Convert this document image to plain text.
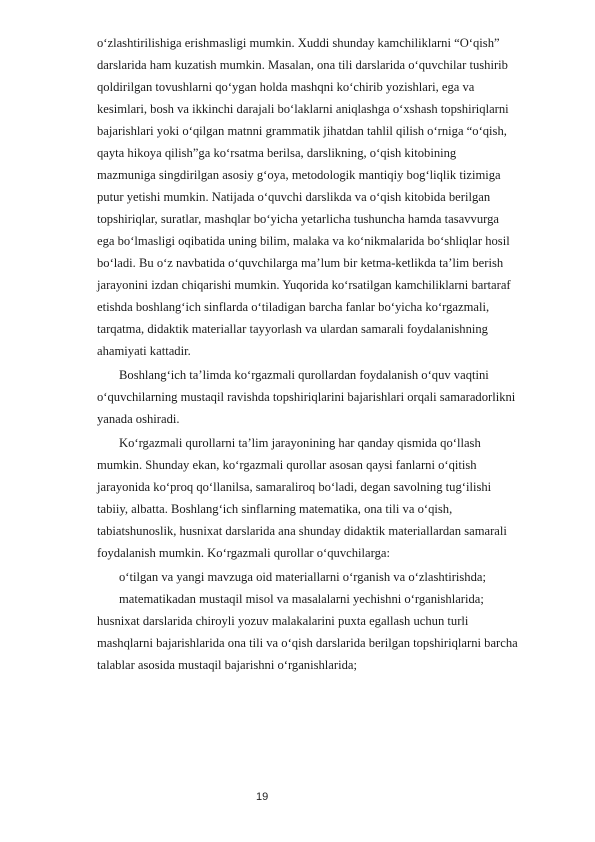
o‘zlashtirilishiga erishmasligi mumkin. Xuddi shunday kamchiliklarni “O‘qish”
darslarida ham kuzatish mumkin. Masalan, ona tili darslarida o‘quvchilar tushirib
qoldirilgan tovushlarni qo‘ygan holda mashqni ko‘chirib yozishlari, ega va
kesimlari, bosh va ikkinchi darajali bo‘laklarni aniqlashga o‘xshash topshiriqlarni
bajarishlari yoki o‘qilgan matnni grammatik jihatdan tahlil qilish o‘rniga “o‘qish,
qayta hikoya qilish”ga ko‘rsatma berilsa, darslikning, o‘qish kitobining
mazmuniga singdirilgan asosiy g‘oya, metodologik mantiqiy bog‘liqlik tizimiga
putur yetishi mumkin. Natijada o‘quvchi darslikda va o‘qish kitobida berilgan
topshiriqlar, suratlar, mashqlar bo‘yicha yetarlicha tushuncha hamda tasavvurga
ega bo‘lmasligi oqibatida uning bilim, malaka va ko‘nikmalarida bo‘shliqlar hosil
bo‘ladi. Bu o‘z navbatida o‘quvchilarga ma’lum bir ketma-ketlikda ta’lim berish
jarayonini izdan chiqarishi mumkin. Yuqorida ko‘rsatilgan kamchiliklarni bartaraf
etishda boshlang‘ich sinflarda o‘tiladigan barcha fanlar bo‘yicha ko‘rgazmali,
tarqatma, didaktik materiallar tayyorlash va ulardan samarali foydalanishning
ahamiyati kattadir.
Boshlang‘ich ta’limda ko‘rgazmali qurollardan foydalanish o‘quv vaqtini
o‘quvchilarning mustaqil ravishda topshiriqlarini bajarishlari orqali samaradorlikni
yanada oshiradi.
Ko‘rgazmali qurollarni ta’lim jarayonining har qanday qismida qo‘llash
mumkin. Shunday ekan, ko‘rgazmali qurollar asosan qaysi fanlarni o‘qitish
jarayonida ko‘proq qo‘llanilsa, samaraliroq bo‘ladi, degan savolning tug‘ilishi
tabiiy, albatta. Boshlang‘ich sinflarning matematika, ona tili va o‘qish,
tabiatshunoslik, husnixat darslarida ana shunday didaktik materiallardan samarali
foydalanish mumkin. Ko‘rgazmali qurollar o‘quvchilarga:
o‘tilgan va yangi mavzuga oid materiallarni o‘rganish va o‘zlashtirishda;
matematikadan mustaqil misol va masalalarni yechishni o‘rganishlarida;
husnixat darslarida chiroyli yozuv malakalarini puxta egallash uchun turli
mashqlarni bajarishlarida ona tili va o‘qish darslarida berilgan topshiriqlarni barcha
talablar asosida mustaqil bajarishni o‘rganishlarida;
19
